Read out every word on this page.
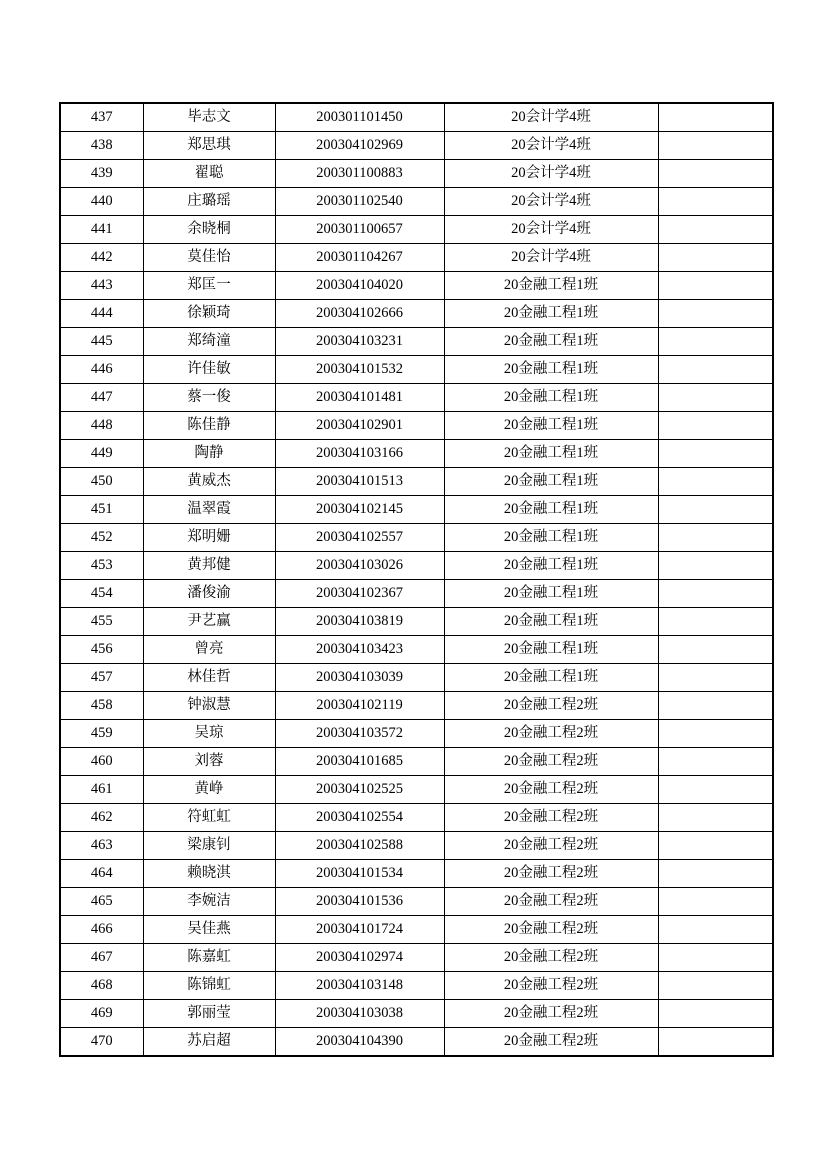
437	毕志文	200301101450	20会计学4班	
438	郑思琪	200304102969	20会计学4班	
439	翟聪	200301100883	20会计学4班	
440	庄璐瑶	200301102540	20会计学4班	
441	余晓桐	200301100657	20会计学4班	
442	莫佳怡	200301104267	20会计学4班	
443	郑匡一	200304104020	20金融工程1班	
444	徐颖琦	200304102666	20金融工程1班	
445	郑绮潼	200304103231	20金融工程1班	
446	许佳敏	200304101532	20金融工程1班	
447	蔡一俊	200304101481	20金融工程1班	
448	陈佳静	200304102901	20金融工程1班	
449	陶静	200304103166	20金融工程1班	
450	黄威杰	200304101513	20金融工程1班	
451	温翠霞	200304102145	20金融工程1班	
452	郑明姗	200304102557	20金融工程1班	
453	黄邦健	200304103026	20金融工程1班	
454	潘俊渝	200304102367	20金融工程1班	
455	尹艺赢	200304103819	20金融工程1班	
456	曾亮	200304103423	20金融工程1班	
457	林佳哲	200304103039	20金融工程1班	
458	钟淑慧	200304102119	20金融工程2班	
459	吴琼	200304103572	20金融工程2班	
460	刘蓉	200304101685	20金融工程2班	
461	黄峥	200304102525	20金融工程2班	
462	符虹虹	200304102554	20金融工程2班	
463	梁康钊	200304102588	20金融工程2班	
464	赖晓淇	200304101534	20金融工程2班	
465	李婉洁	200304101536	20金融工程2班	
466	吴佳燕	200304101724	20金融工程2班	
467	陈嘉虹	200304102974	20金融工程2班	
468	陈锦虹	200304103148	20金融工程2班	
469	郭丽莹	200304103038	20金融工程2班	
470	苏启超	200304104390	20金融工程2班	
